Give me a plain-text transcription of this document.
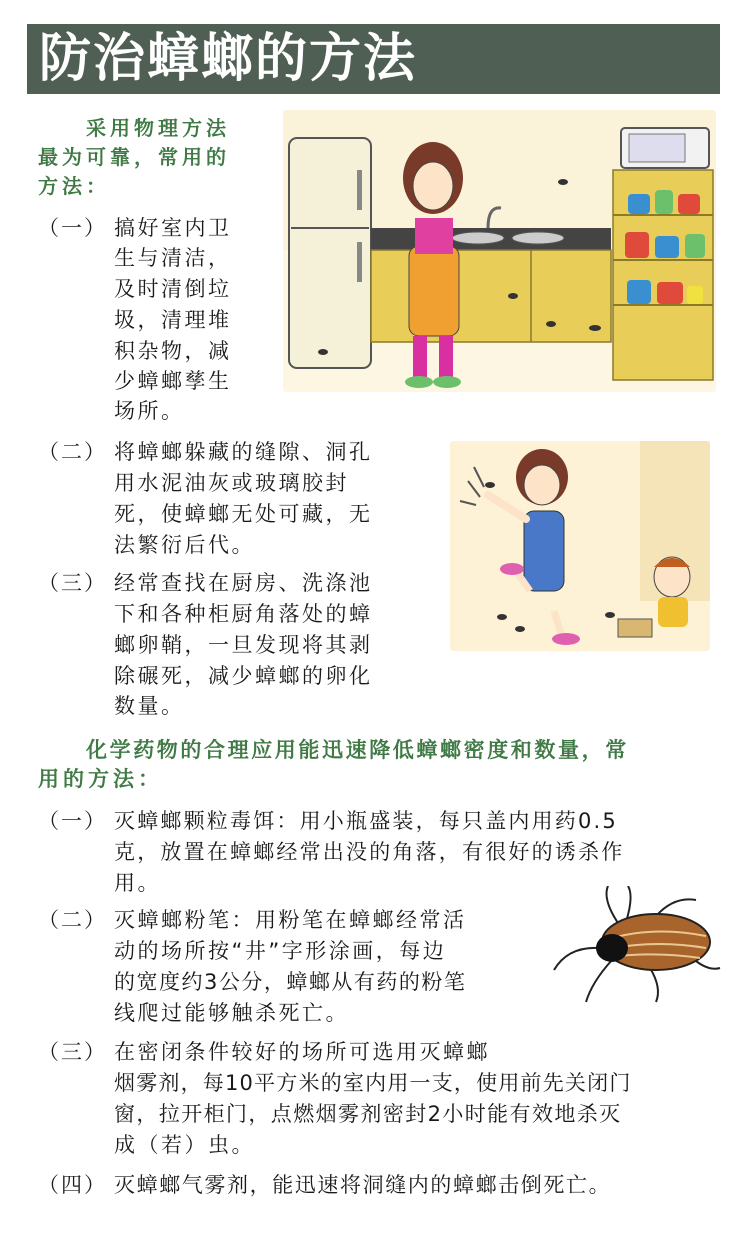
防治蟑螂的方法
采用物理方法
最为可靠，常用的
方法：
（一） 搞好室内卫
生与清洁，
及时清倒垃
圾，清理堆
积杂物，减
少蟑螂孳生
场所。
（二） 将蟑螂躲藏的缝隙、洞孔
用水泥油灰或玻璃胶封
死，使蟑螂无处可藏，无
法繁衍后代。
（三） 经常查找在厨房、洗涤池
下和各种柜厨角落处的蟑
螂卵鞘，一旦发现将其剥
除碾死，减少蟑螂的卵化
数量。
化学药物的合理应用能迅速降低蟑螂密度和数量，常
用的方法：
（一） 灭蟑螂颗粒毒饵：用小瓶盛装，每只盖内用药0.5
克，放置在蟑螂经常出没的角落，有很好的诱杀作
用。
（二） 灭蟑螂粉笔：用粉笔在蟑螂经常活
动的场所按“井”字形涂画，每边
的宽度约3公分，蟑螂从有药的粉笔
线爬过能够触杀死亡。
（三） 在密闭条件较好的场所可选用灭蟑螂
烟雾剂，每10平方米的室内用一支，使用前先关闭门
窗，拉开柜门，点燃烟雾剂密封2小时能有效地杀灭
成（若）虫。
（四） 灭蟑螂气雾剂，能迅速将洞缝内的蟑螂击倒死亡。
